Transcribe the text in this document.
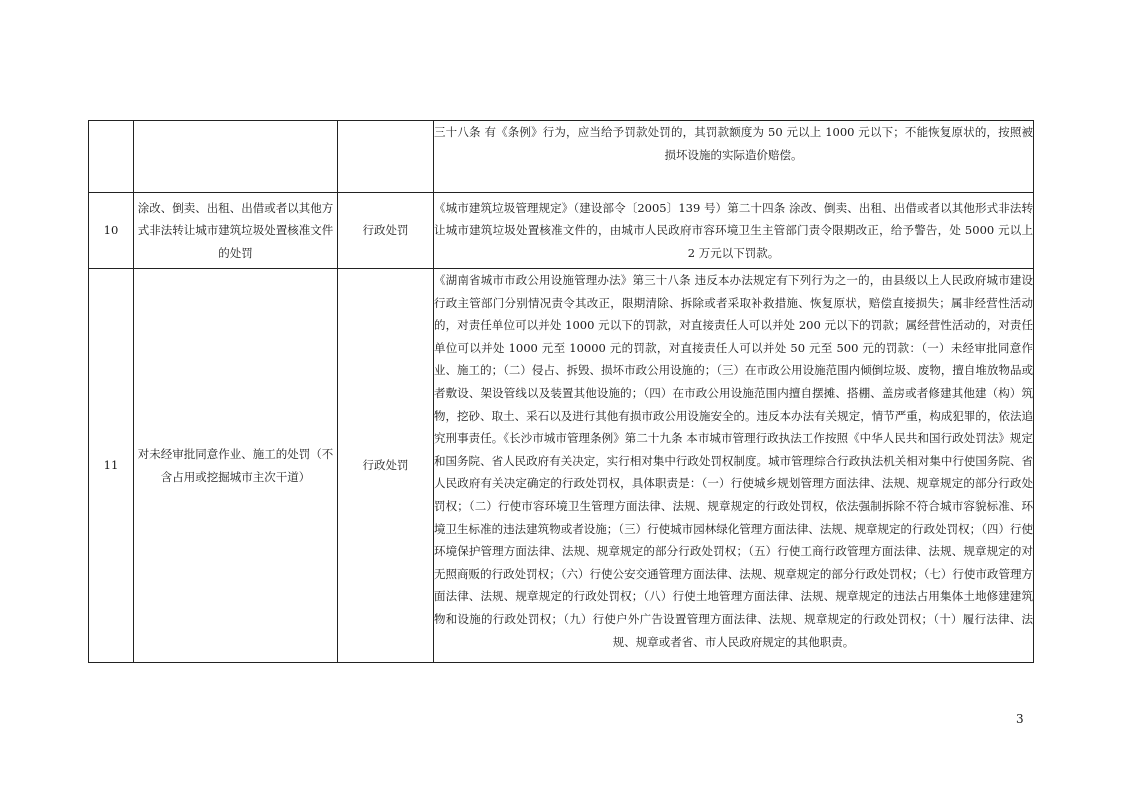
			三十八条 有《条例》行为，应当给予罚款处罚的，其罚款额度为 50 元以上 1000 元以下；不能恢复原状的，按照被损坏设施的实际造价赔偿。
10	涂改、倒卖、出租、出借或者以其他方式非法转让城市建筑垃圾处置核准文件的处罚	行政处罚	《城市建筑垃圾管理规定》（建设部令〔2005〕139 号）第二十四条 涂改、倒卖、出租、出借或者以其他形式非法转让城市建筑垃圾处置核准文件的，由城市人民政府市容环境卫生主管部门责令限期改正，给予警告，处 5000 元以上 2 万元以下罚款。
11	对未经审批同意作业、施工的处罚（不含占用或挖掘城市主次干道）	行政处罚	《湖南省城市市政公用设施管理办法》第三十八条 违反本办法规定有下列行为之一的，由县级以上人民政府城市建设行政主管部门分别情况责令其改正，限期清除、拆除或者采取补救措施、恢复原状，赔偿直接损失；属非经营性活动的，对责任单位可以并处 1000 元以下的罚款，对直接责任人可以并处 200 元以下的罚款；属经营性活动的，对责任单位可以并处 1000 元至 10000 元的罚款，对直接责任人可以并处 50 元至 500 元的罚款：（一）未经审批同意作业、施工的；（二）侵占、拆毁、损坏市政公用设施的；（三）在市政公用设施范围内倾倒垃圾、废物，擅自堆放物品或者敷设、架设管线以及装置其他设施的；（四）在市政公用设施范围内擅自摆摊、搭棚、盖房或者修建其他建（构）筑物，挖砂、取土、采石以及进行其他有损市政公用设施安全的。违反本办法有关规定，情节严重，构成犯罪的，依法追究刑事责任。《长沙市城市管理条例》第二十九条 本市城市管理行政执法工作按照《中华人民共和国行政处罚法》规定和国务院、省人民政府有关决定，实行相对集中行政处罚权制度。城市管理综合行政执法机关相对集中行使国务院、省人民政府有关决定确定的行政处罚权，具体职责是：（一）行使城乡规划管理方面法律、法规、规章规定的部分行政处罚权；（二）行使市容环境卫生管理方面法律、法规、规章规定的行政处罚权，依法强制拆除不符合城市容貌标准、环境卫生标准的违法建筑物或者设施；（三）行使城市园林绿化管理方面法律、法规、规章规定的行政处罚权；（四）行使环境保护管理方面法律、法规、规章规定的部分行政处罚权；（五）行使工商行政管理方面法律、法规、规章规定的对无照商贩的行政处罚权；（六）行使公安交通管理方面法律、法规、规章规定的部分行政处罚权；（七）行使市政管理方面法律、法规、规章规定的行政处罚权；（八）行使土地管理方面法律、法规、规章规定的违法占用集体土地修建建筑物和设施的行政处罚权；（九）行使户外广告设置管理方面法律、法规、规章规定的行政处罚权；（十）履行法律、法规、规章或者省、市人民政府规定的其他职责。
3
